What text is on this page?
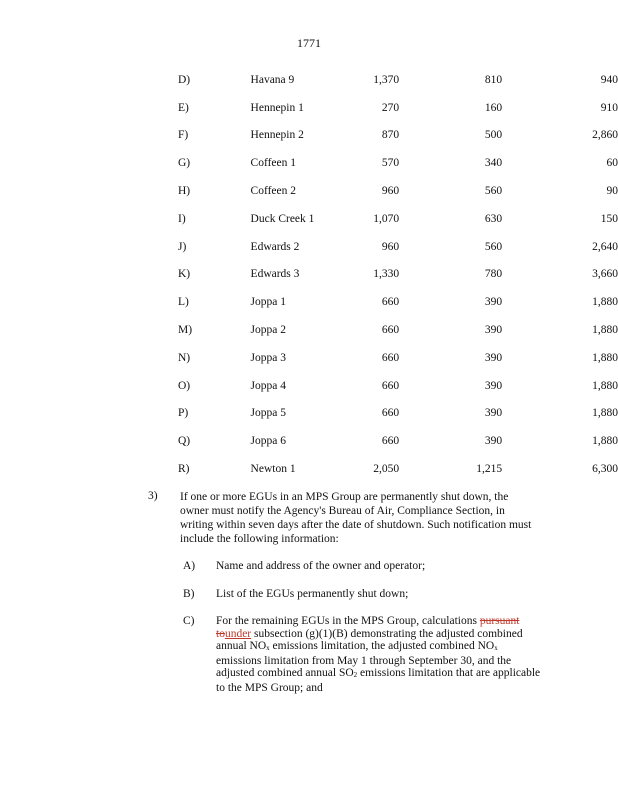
1771
D)	Havana 9	1,370	810	940
E)	Hennepin 1	270	160	910
F)	Hennepin 2	870	500	2,860
G)	Coffeen 1	570	340	60
H)	Coffeen 2	960	560	90
I)	Duck Creek 1	1,070	630	150
J)	Edwards 2	960	560	2,640
K)	Edwards 3	1,330	780	3,660
L)	Joppa 1	660	390	1,880
M)	Joppa 2	660	390	1,880
N)	Joppa 3	660	390	1,880
O)	Joppa 4	660	390	1,880
P)	Joppa 5	660	390	1,880
Q)	Joppa 6	660	390	1,880
R)	Newton 1	2,050	1,215	6,300
3) If one or more EGUs in an MPS Group are permanently shut down, the owner must notify the Agency's Bureau of Air, Compliance Section, in writing within seven days after the date of shutdown. Such notification must include the following information:
A) Name and address of the owner and operator;
B) List of the EGUs permanently shut down;
C) For the remaining EGUs in the MPS Group, calculations pursuant tounder subsection (g)(1)(B) demonstrating the adjusted combined annual $NO_x$ emissions limitation, the adjusted combined $NO_x$ emissions limitation from May 1 through September 30, and the adjusted combined annual $SO_2$ emissions limitation that are applicable to the MPS Group; and
